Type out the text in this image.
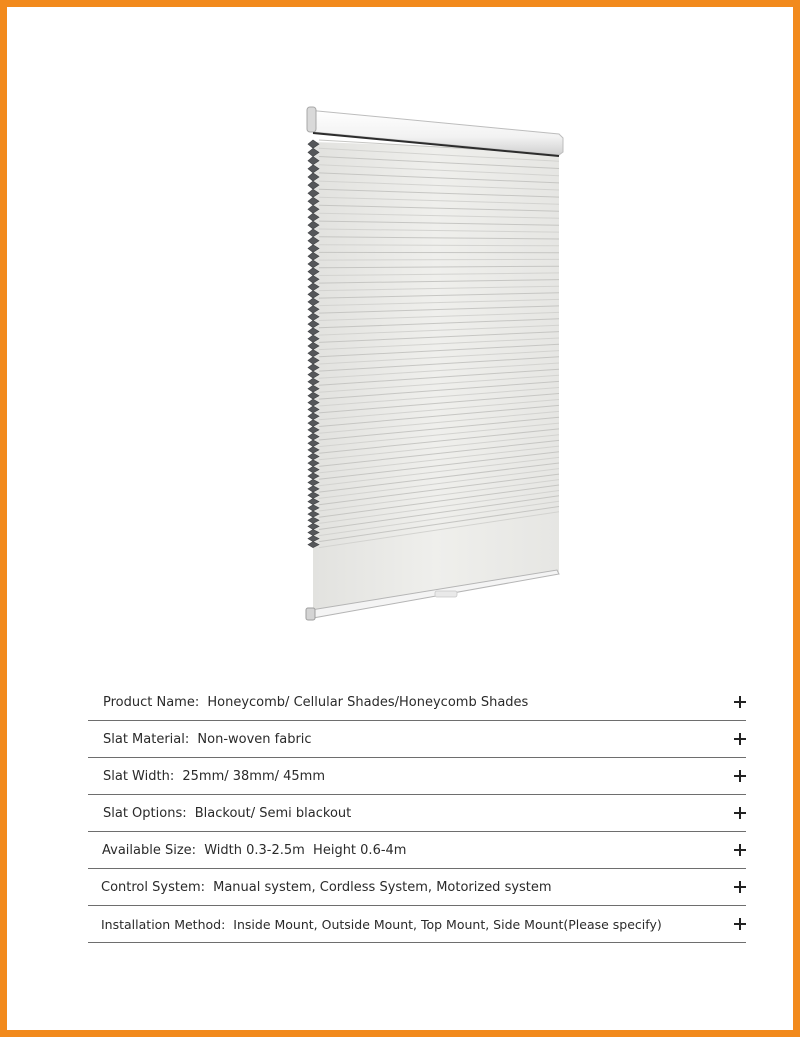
Product Name: Honeycomb/ Cellular Shades/Honeycomb Shades
Slat Material: Non-woven fabric
Slat Width: 25mm/ 38mm/ 45mm
Slat Options: Blackout/ Semi blackout
Available Size: Width 0.3-2.5m  Height 0.6-4m
Control System: Manual system, Cordless System, Motorized system
Installation Method: Inside Mount, Outside Mount, Top Mount, Side Mount(Please specify)
